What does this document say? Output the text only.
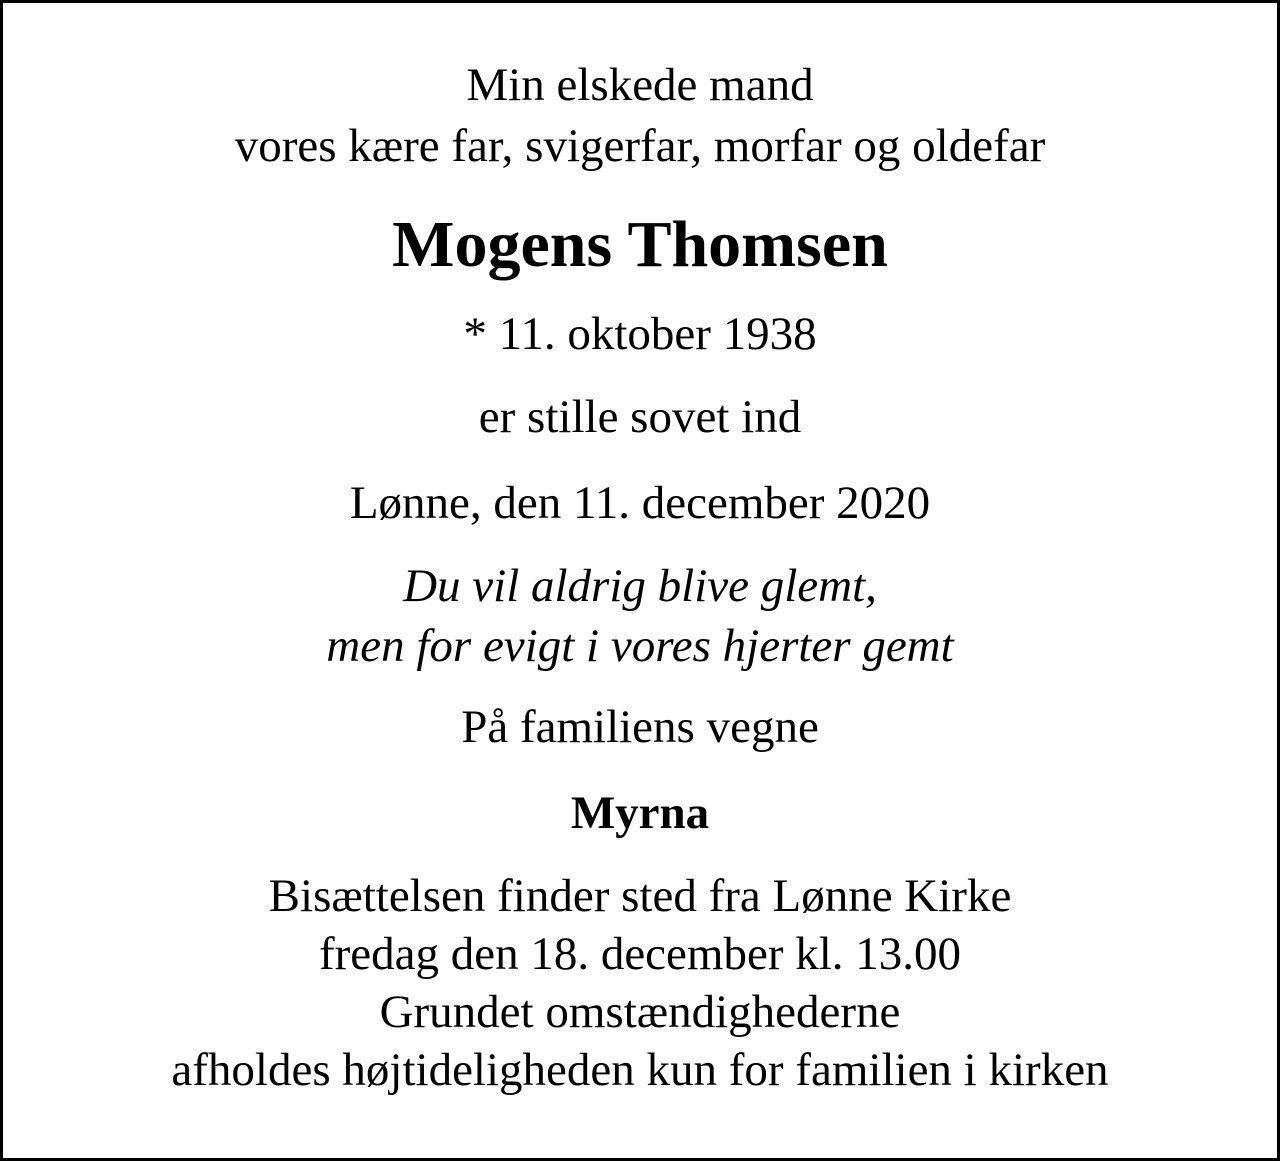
Min elskede mand
vores kære far, svigerfar, morfar og oldefar
Mogens Thomsen
* 11. oktober 1938
er stille sovet ind
Lønne, den 11. december 2020
Du vil aldrig blive glemt,
men for evigt i vores hjerter gemt
På familiens vegne
Myrna
Bisættelsen finder sted fra Lønne Kirke
fredag den 18. december kl. 13.00
Grundet omstændighederne
afholdes højtideligheden kun for familien i kirken
